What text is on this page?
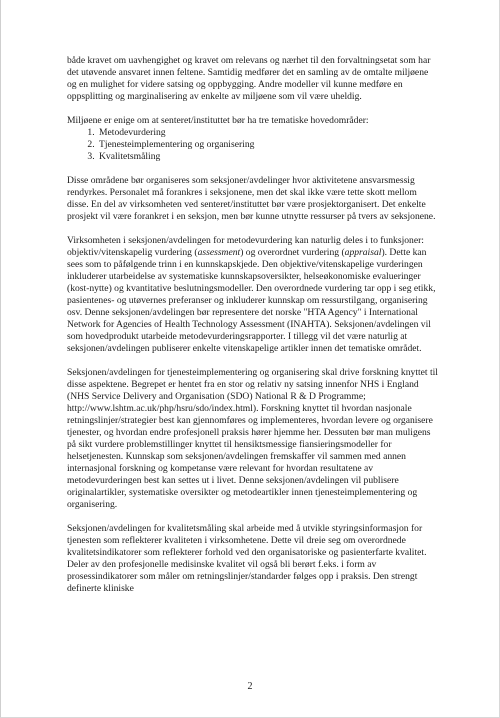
både kravet om uavhengighet og kravet om relevans og nærhet til den forvaltningsetat som har det utøvende ansvaret innen feltene. Samtidig medfører det en samling av de omtalte miljøene og en mulighet for videre satsing og oppbygging. Andre modeller vil kunne medføre en oppsplitting og marginalisering av enkelte av miljøene som vil være uheldig.

Miljøene er enige om at senteret/instituttet bør ha tre tematiske hovedområder:
1. Metodevurdering
2. Tjenesteimplementering og organisering
3. Kvalitetsmåling

Disse områdene bør organiseres som seksjoner/avdelinger hvor aktivitetene ansvarsmessig rendyrkes. Personalet må forankres i seksjonene, men det skal ikke være tette skott mellom disse. En del av virksomheten ved senteret/instituttet bør være prosjektorganisert. Det enkelte prosjekt vil være forankret i en seksjon, men bør kunne utnytte ressurser på tvers av seksjonene.

Virksomheten i seksjonen/avdelingen for metodevurdering kan naturlig deles i to funksjoner: objektiv/vitenskapelig vurdering (assessment) og overordnet vurdering (appraisal). Dette kan sees som to påfølgende trinn i en kunnskapskjede. Den objektive/vitenskapelige vurderingen inkluderer utarbeidelse av systematiske kunnskapsoversikter, helseøkonomiske evalueringer (kost-nytte) og kvantitative beslutningsmodeller. Den overordnede vurdering tar opp i seg etikk, pasientenes- og utøvernes preferanser og inkluderer kunnskap om ressurstilgang, organisering osv. Denne seksjonen/avdelingen bør representere det norske "HTA Agency" i International Network for Agencies of Health Technology Assessment (INAHTA). Seksjonen/avdelingen vil som hovedprodukt utarbeide metodevurderingsrapporter. I tillegg vil det være naturlig at seksjonen/avdelingen publiserer enkelte vitenskapelige artikler innen det tematiske området.

Seksjonen/avdelingen for tjenesteimplementering og organisering skal drive forskning knyttet til disse aspektene. Begrepet er hentet fra en stor og relativ ny satsing innenfor NHS i England (NHS Service Delivery and Organisation (SDO) National R & D Programme; http://www.lshtm.ac.uk/php/hsru/sdo/index.html). Forskning knyttet til hvordan nasjonale retningslinjer/strategier best kan gjennomføres og implementeres, hvordan levere og organisere tjenester, og hvordan endre profesjonell praksis hører hjemme her. Dessuten bør man muligens på sikt vurdere problemstillinger knyttet til hensiktsmessige fiansieringsmodeller for helsetjenesten. Kunnskap som seksjonen/avdelingen fremskaffer vil sammen med annen internasjonal forskning og kompetanse være relevant for hvordan resultatene av metodevurderingen best kan settes ut i livet. Denne seksjonen/avdelingen vil publisere originalartikler, systematiske oversikter og metodeartikler innen tjenesteimplementering og organisering.

Seksjonen/avdelingen for kvalitetsmåling skal arbeide med å utvikle styringsinformasjon for tjenesten som reflekterer kvaliteten i virksomhetene. Dette vil dreie seg om overordnede kvalitetsindikatorer som reflekterer forhold ved den organisatoriske og pasienterfarte kvalitet. Deler av den profesjonelle medisinske kvalitet vil også bli berørt f.eks. i form av prosessindikatorer som måler om retningslinjer/standarder følges opp i praksis. Den strengt definerte kliniske

2
